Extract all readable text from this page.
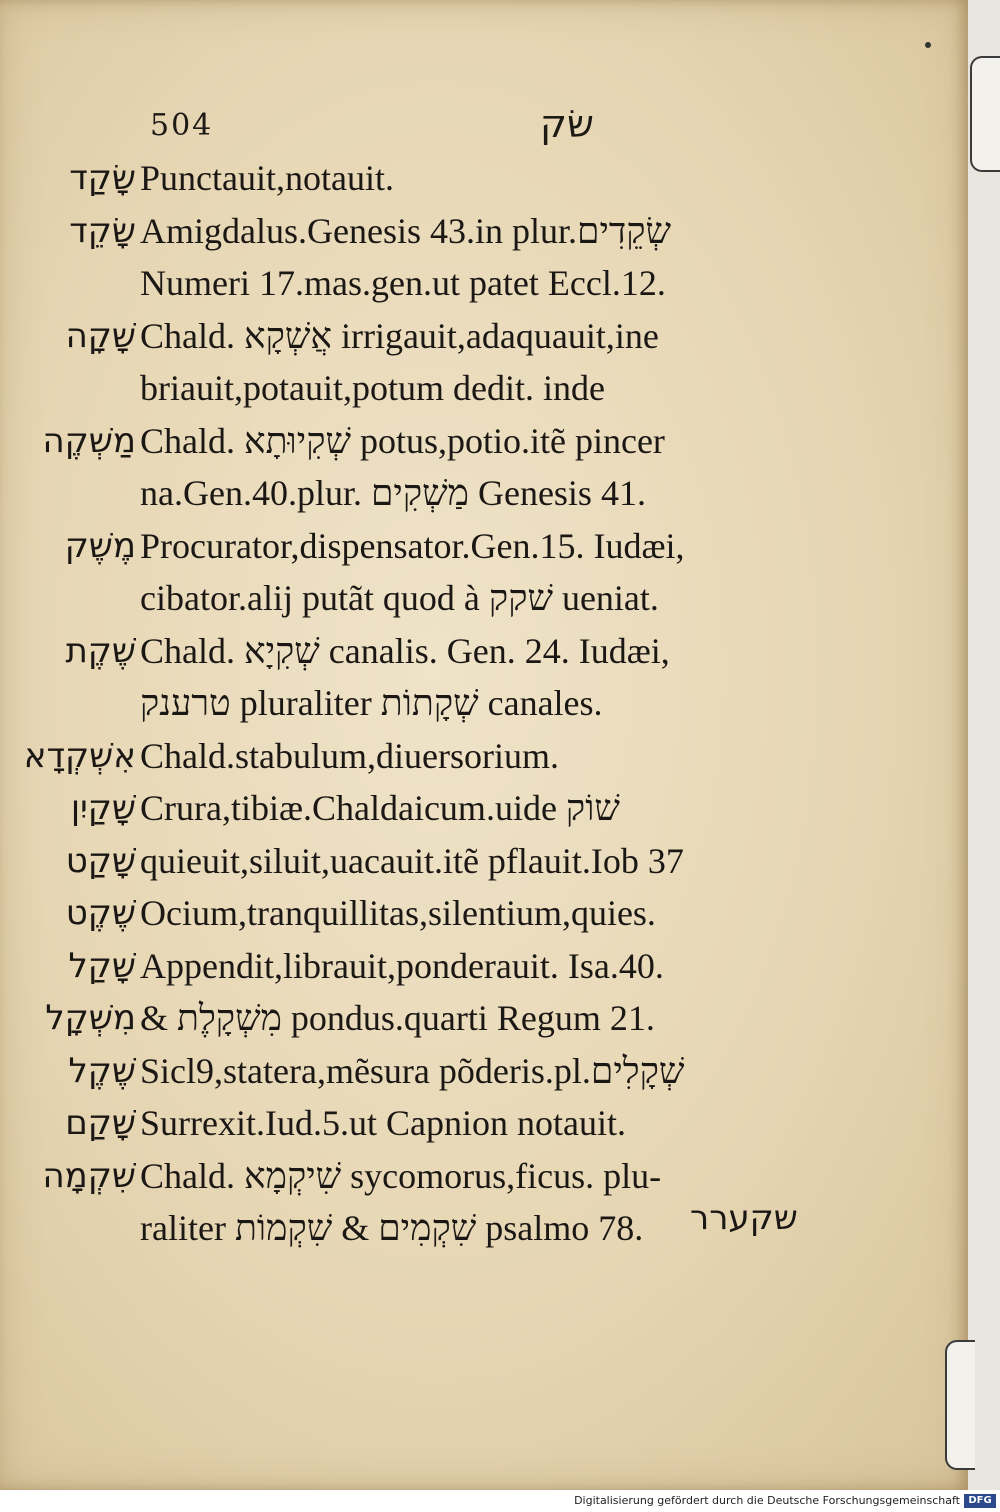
504	שׂק
שָׂקַד Punctauit,notauit.
שָׂקֵד Amigdalus.Genesis 43.in plur.שְׂקֵדִים
Numeri 17.mas.gen.ut patet Eccl.12.
שָׁקָה Chald. אֲשְׁקָא irrigauit,adaquauit,ine
briauit,potauit,potum dedit. inde
מַשְׁקֶה Chald. שְׁקִיוּתָא potus,potio.itẽ pincer
na.Gen.40.plur. מַשְׁקִים Genesis 41.
מֶשֶׁק Procurator,dispensator.Gen.15. Iudæi,
cibator.alij putãt quod à שׁקק ueniat.
שֶׁקֶת Chald. שְׁקִיָא canalis. Gen. 24. Iudæi,
טרענק pluraliter שְׁקָתוֹת canales.
אִשְׁקְדָא Chald.stabulum,diuersorium.
שָׁקַיִן Crura,tibiæ.Chaldaicum.uide שׁוֹק
שָׁקַט quieuit,siluit,uacauit.itẽ pflauit.Iob 37
שֶׁקֶט Ocium,tranquillitas,silentium,quies.
שָׁקַל Appendit,librauit,ponderauit. Isa.40.
מִשְׁקָל & מִשְׁקָלֶת pondus.quarti Regum 21.
שֶׁקֶל Sicl9,statera,mẽsura põderis.pl.שְׁקָלִים
שָׁקַם Surrexit.Iud.5.ut Capnion notauit.
שִׁקְמָה Chald. שִׁיקְמָא sycomorus,ficus. plu-
raliter שִׁקְמִים & שִׁקְמוֹת psalmo 78. שקערר
Digitalisierung gefördert durch die Deutsche Forschungsgemeinschaft DFG
